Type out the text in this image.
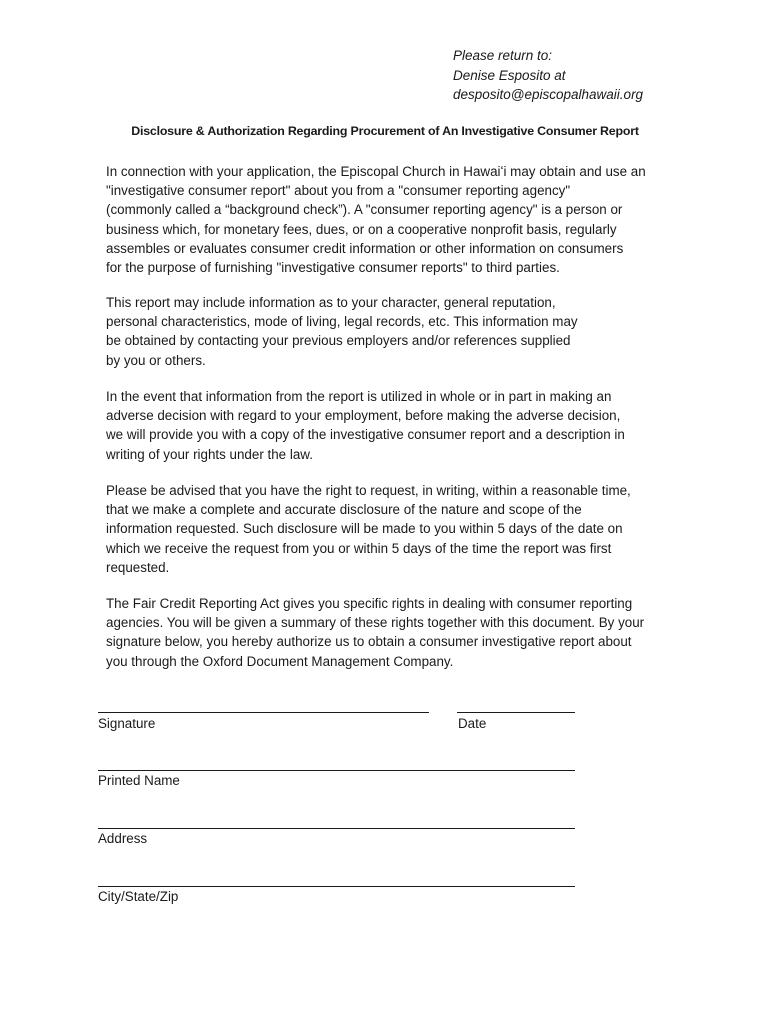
Please return to:
Denise Esposito at
desposito@episcopalhawaii.org
Disclosure & Authorization Regarding Procurement of An Investigative Consumer Report
In connection with your application, the Episcopal Church in Hawaiʻi may obtain and use an
"investigative consumer report" about you from a "consumer reporting agency"
(commonly called a “background check”). A "consumer reporting agency" is a person or
business which, for monetary fees, dues, or on a cooperative nonprofit basis, regularly
assembles or evaluates consumer credit information or other information on consumers
for the purpose of furnishing "investigative consumer reports" to third parties.
This report may include information as to your character, general reputation,
personal characteristics, mode of living, legal records, etc. This information may
be obtained by contacting your previous employers and/or references supplied
by you or others.
In the event that information from the report is utilized in whole or in part in making an
adverse decision with regard to your employment, before making the adverse decision,
we will provide you with a copy of the investigative consumer report and a description in
writing of your rights under the law.
Please be advised that you have the right to request, in writing, within a reasonable time,
that we make a complete and accurate disclosure of the nature and scope of the
information requested. Such disclosure will be made to you within 5 days of the date on
which we receive the request from you or within 5 days of the time the report was first
requested.
The Fair Credit Reporting Act gives you specific rights in dealing with consumer reporting
agencies. You will be given a summary of these rights together with this document. By your
signature below, you hereby authorize us to obtain a consumer investigative report about
you through the Oxford Document Management Company.
Signature	Date
Printed Name
Address
City/State/Zip
